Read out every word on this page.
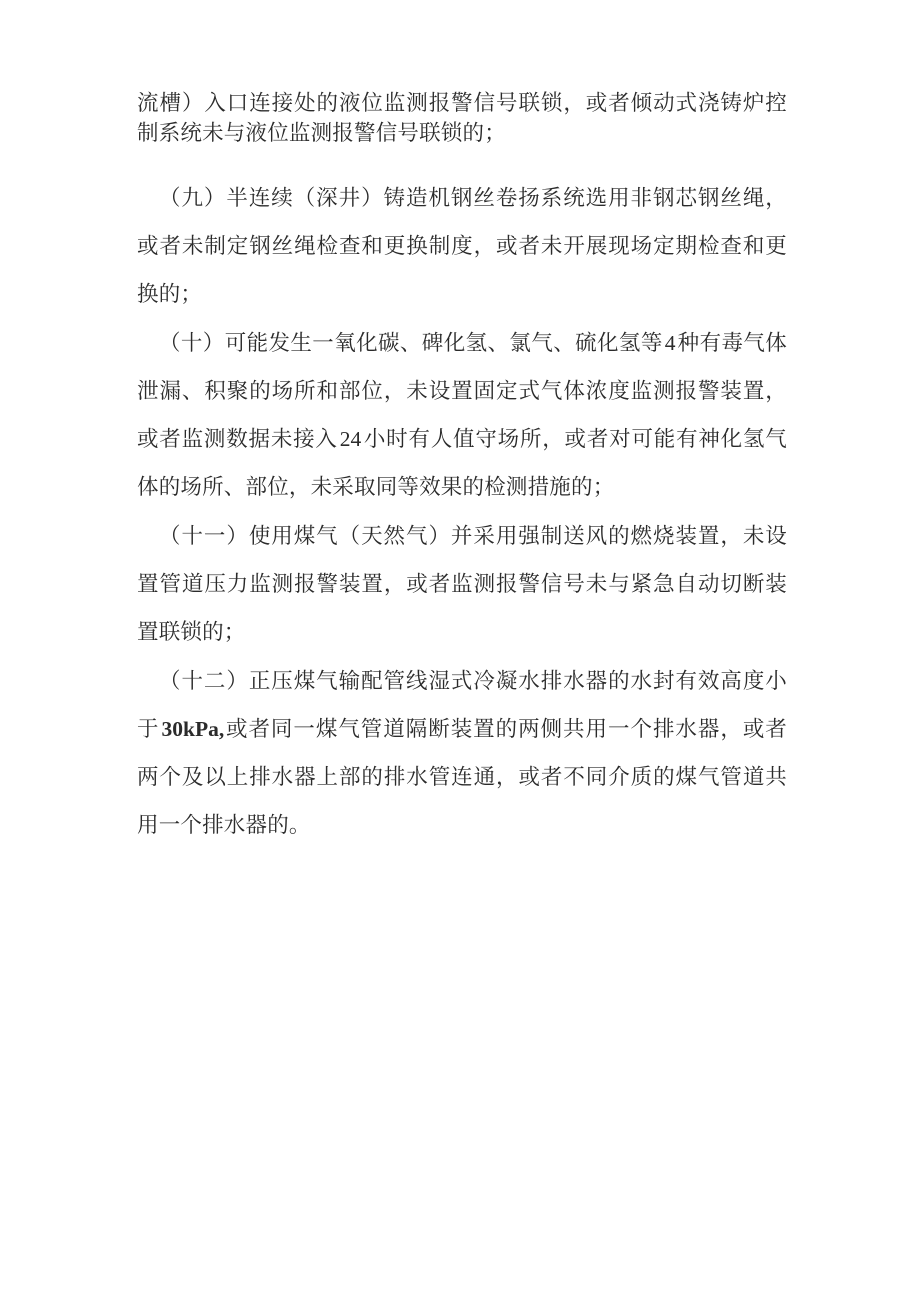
流槽）入口连接处的液位监测报警信号联锁，或者倾动式浇铸炉控制系统未与液位监测报警信号联锁的；

（九）半连续（深井）铸造机钢丝卷扬系统选用非钢芯钢丝绳，或者未制定钢丝绳检查和更换制度，或者未开展现场定期检查和更换的；

（十）可能发生一氧化碳、碑化氢、氯气、硫化氢等4种有毒气体泄漏、积聚的场所和部位，未设置固定式气体浓度监测报警装置，或者监测数据未接入24小时有人值守场所，或者对可能有神化氢气体的场所、部位，未采取同等效果的检测措施的；

（十一）使用煤气（天然气）并采用强制送风的燃烧装置，未设置管道压力监测报警装置，或者监测报警信号未与紧急自动切断装置联锁的；

（十二）正压煤气输配管线湿式冷凝水排水器的水封有效高度小于30kPa,或者同一煤气管道隔断装置的两侧共用一个排水器，或者两个及以上排水器上部的排水管连通，或者不同介质的煤气管道共用一个排水器的。
